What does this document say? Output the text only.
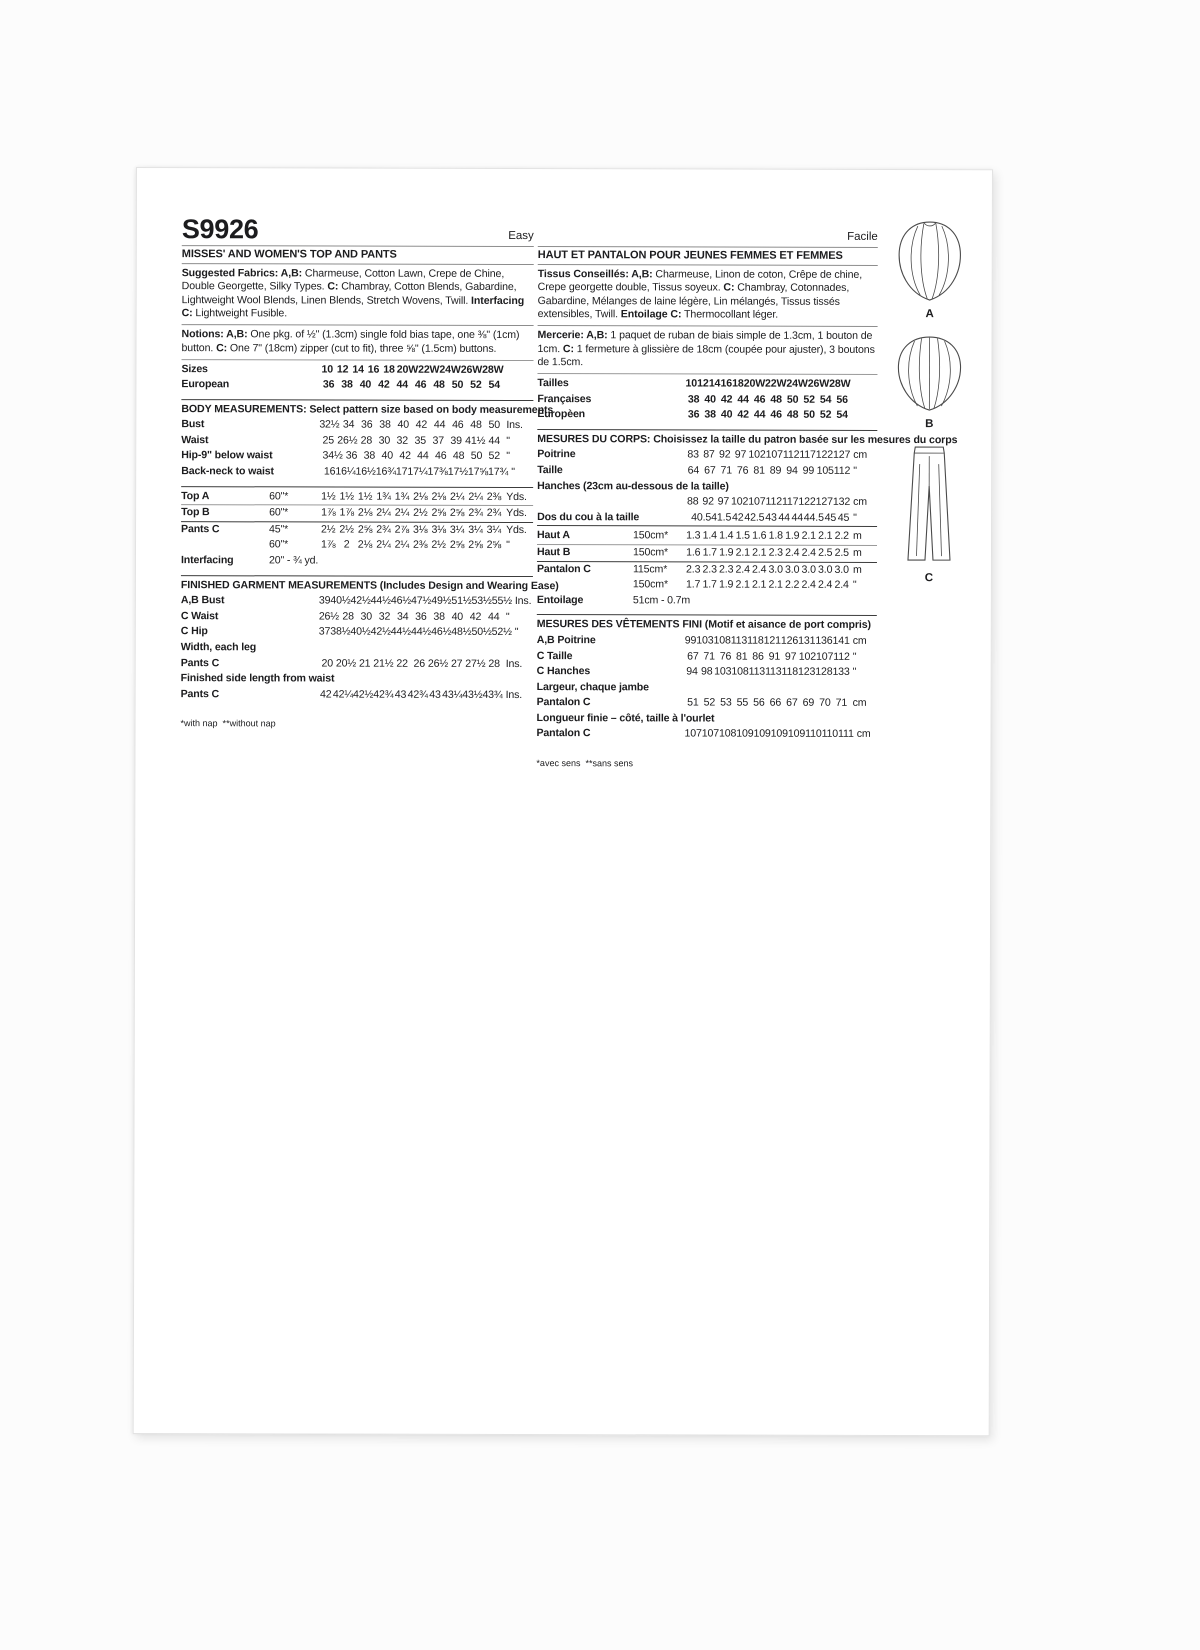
S9926	Easy
MISSES' AND WOMEN'S TOP AND PANTS
Suggested Fabrics: A,B: Charmeuse, Cotton Lawn, Crepe de Chine, Double Georgette, Silky Types. C: Chambray, Cotton Blends, Gabardine, Lightweight Wool Blends, Linen Blends, Stretch Wovens, Twill. Interfacing C: Lightweight Fusible.
Notions: A,B: One pkg. of ½" (1.3cm) single fold bias tape, one ⅜" (1cm) button. C: One 7" (18cm) zipper (cut to fit), three ⅝" (1.5cm) buttons.
Sizes	10 12 14 16 18 20W 22W 24W 26W 28W
European	36 38 40 42 44 46 48 50 52 54
BODY MEASUREMENTS: Select pattern size based on body measurements
Bust	32½ 34 36 38 40 42 44 46 48 50 Ins.
Waist	25 26½ 28 30 32 35 37 39 41½ 44 "
Hip-9" below waist	34½ 36 38 40 42 44 46 48 50 52 "
Back-neck to waist	16 16¼ 16½ 16¾ 17 17¼ 17⅜ 17½ 17⅝ 17¾ "
Top A	60"*	1½ 1½ 1½ 1¾ 1¾ 2⅛ 2⅛ 2¼ 2¼ 2⅜ Yds.
Top B	60"*	1⅞ 1⅞ 2⅛ 2¼ 2¼ 2½ 2⅝ 2⅝ 2¾ 2¾ Yds.
Pants C	45"*	2½ 2½ 2⅝ 2¾ 2⅞ 3⅛ 3⅛ 3¼ 3¼ 3¼ Yds.
60"*	1⅞ 2 2⅛ 2¼ 2¼ 2⅜ 2½ 2⅝ 2⅝ 2⅝ "
Interfacing	20" - ¾ yd.
FINISHED GARMENT MEASUREMENTS (Includes Design and Wearing Ease)
A,B Bust	39 40½ 42½ 44½ 46½ 47½ 49½ 51½ 53½ 55½ Ins.
C Waist	26½ 28 30 32 34 36 38 40 42 44 "
C Hip	37 38½ 40½ 42½ 44½ 44½ 46½ 48½ 50½ 52½ "
Width, each leg
Pants C	20 20½ 21 21½ 22 26 26½ 27 27½ 28 Ins.
Finished side length from waist
Pants C	42 42¼ 42½ 42¾ 43 42¾ 43 43¼ 43½ 43¾ Ins.
*with nap  **without nap
Facile
HAUT ET PANTALON POUR JEUNES FEMMES ET FEMMES
Tissus Conseillés: A,B: Charmeuse, Linon de coton, Crêpe de chine, Crepe georgette double, Tissus soyeux. C: Chambray, Cotonnades, Gabardine, Mélanges de laine légère, Lin mélangés, Tissus tissés extensibles, Twill. Entoilage C: Thermocollant léger.
Mercerie: A,B: 1 paquet de ruban de biais simple de 1.3cm, 1 bouton de 1cm. C: 1 fermeture à glissière de 18cm (coupée pour ajuster), 3 boutons de 1.5cm.
Tailles	10 12 14 16 18 20W 22W 24W 26W 28W
Françaises	38 40 42 44 46 48 50 52 54 56
Europèen	36 38 40 42 44 46 48 50 52 54
MESURES DU CORPS: Choisissez la taille du patron basée sur les mesures du corps
Poitrine	83 87 92 97 102 107 112 117 122 127 cm
Taille	64 67 71 76 81 89 94 99 105 112 "
Hanches (23cm au-dessous de la taille)
88 92 97 102 107 112 117 122 127 132 cm
Dos du cou à la taille	40.5 41.5 42 42.5 43 44 44 44.5 45 45 "
Haut A	150cm*	1.3 1.4 1.4 1.5 1.6 1.8 1.9 2.1 2.1 2.2 m
Haut B	150cm*	1.6 1.7 1.9 2.1 2.1 2.3 2.4 2.4 2.5 2.5 m
Pantalon C	115cm*	2.3 2.3 2.3 2.4 2.4 3.0 3.0 3.0 3.0 3.0 m
150cm*	1.7 1.7 1.9 2.1 2.1 2.1 2.2 2.4 2.4 2.4 "
Entoilage	51cm - 0.7m
MESURES DES VÊTEMENTS FINI (Motif et aisance de port compris)
A,B Poitrine	99 103 108 113 118 121 126 131 136 141 cm
C Taille	67 71 76 81 86 91 97 102 107 112 "
C Hanches	94 98 103 108 113 113 118 123 128 133 "
Largeur, chaque jambe
Pantalon C	51 52 53 55 56 66 67 69 70 71 cm
Longueur finie – côté, taille à l'ourlet
Pantalon C	107 107 108 109 109 109 109 110 110 111 cm
*avec sens  **sans sens
A
B
C
